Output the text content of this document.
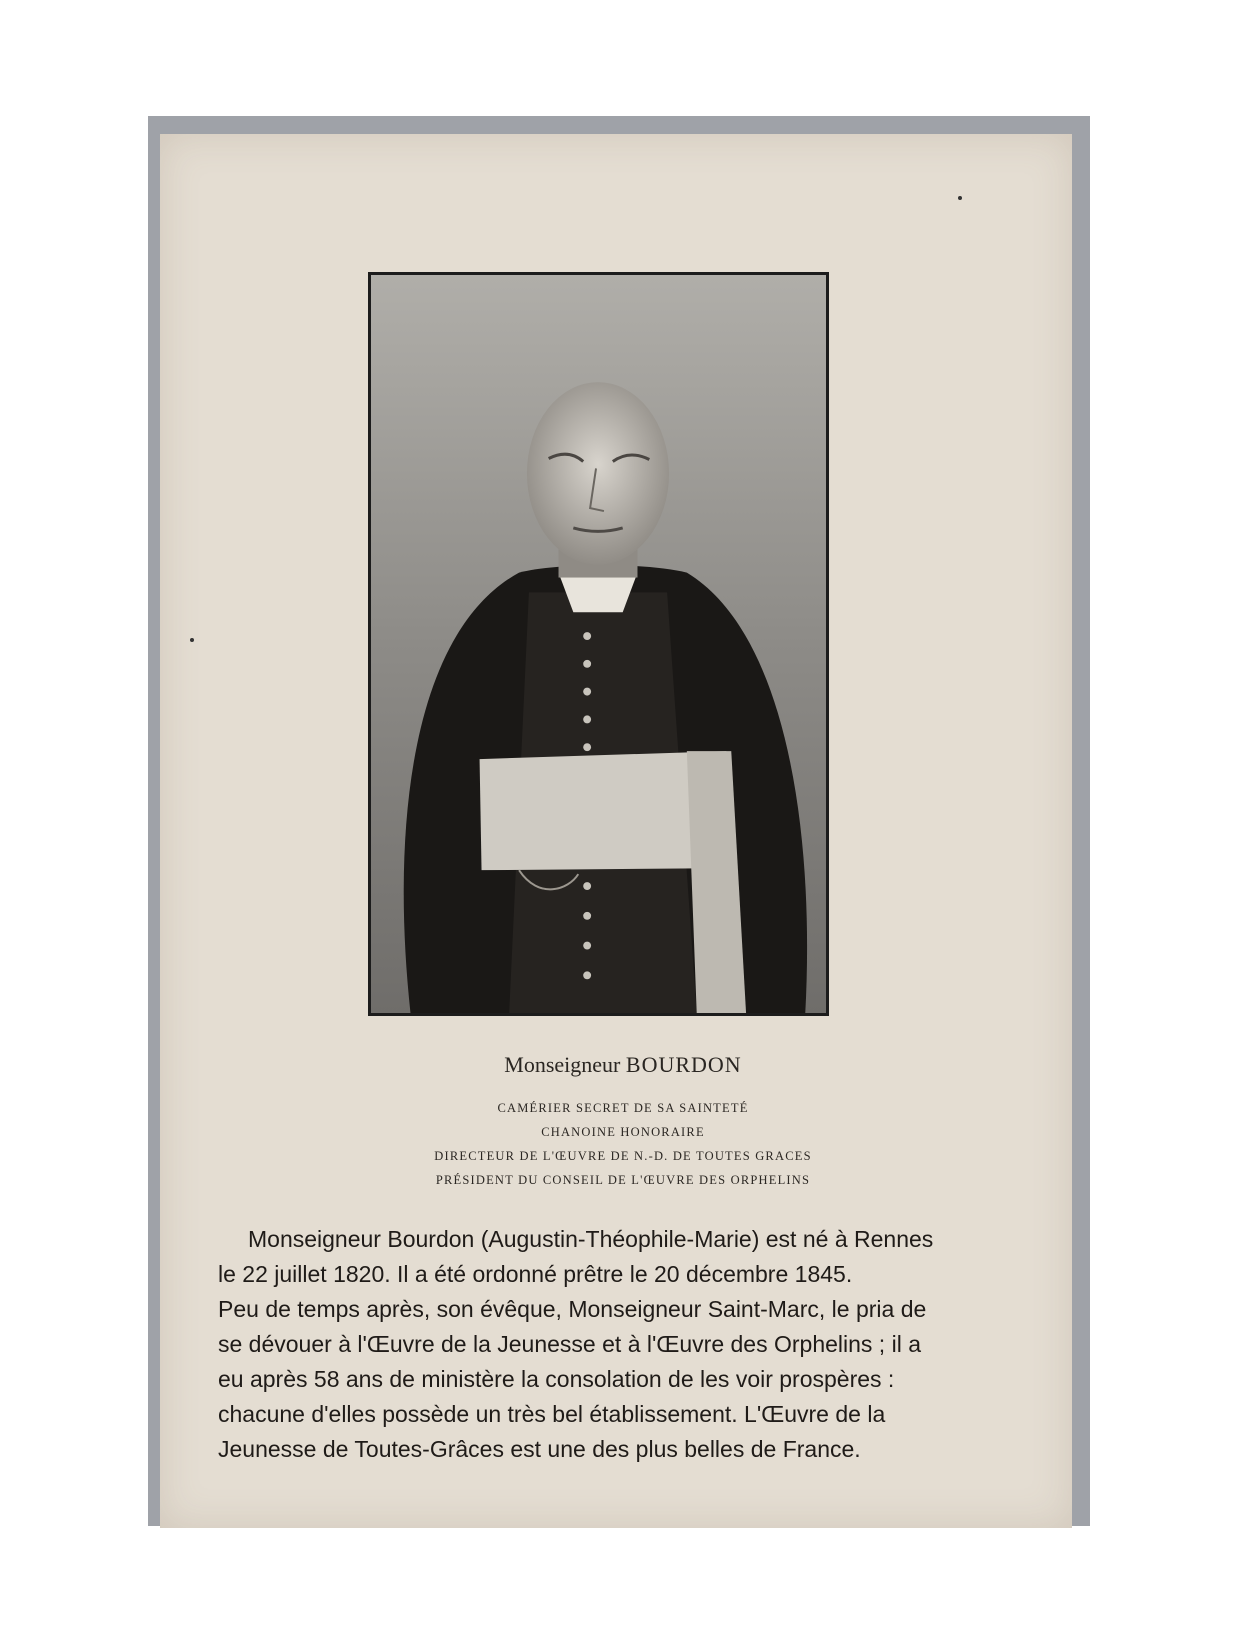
Monseigneur BOURDON
CAMÉRIER SECRET DE SA SAINTETÉ
CHANOINE HONORAIRE
DIRECTEUR DE L'ŒUVRE DE N.-D. DE TOUTES GRACES
PRÉSIDENT DU CONSEIL DE L'ŒUVRE DES ORPHELINS

Monseigneur Bourdon (Augustin-Théophile-Marie) est né à Rennes

le 22 juillet 1820. Il a été ordonné prêtre le 20 décembre 1845.

Peu de temps après, son évêque, Monseigneur Saint-Marc, le pria de

se dévouer à l'Œuvre de la Jeunesse et à l'Œuvre des Orphelins ; il a

eu après 58 ans de ministère la consolation de les voir prospères :

chacune d'elles possède un très bel établissement. L'Œuvre de la

Jeunesse de Toutes-Grâces est une des plus belles de France.
